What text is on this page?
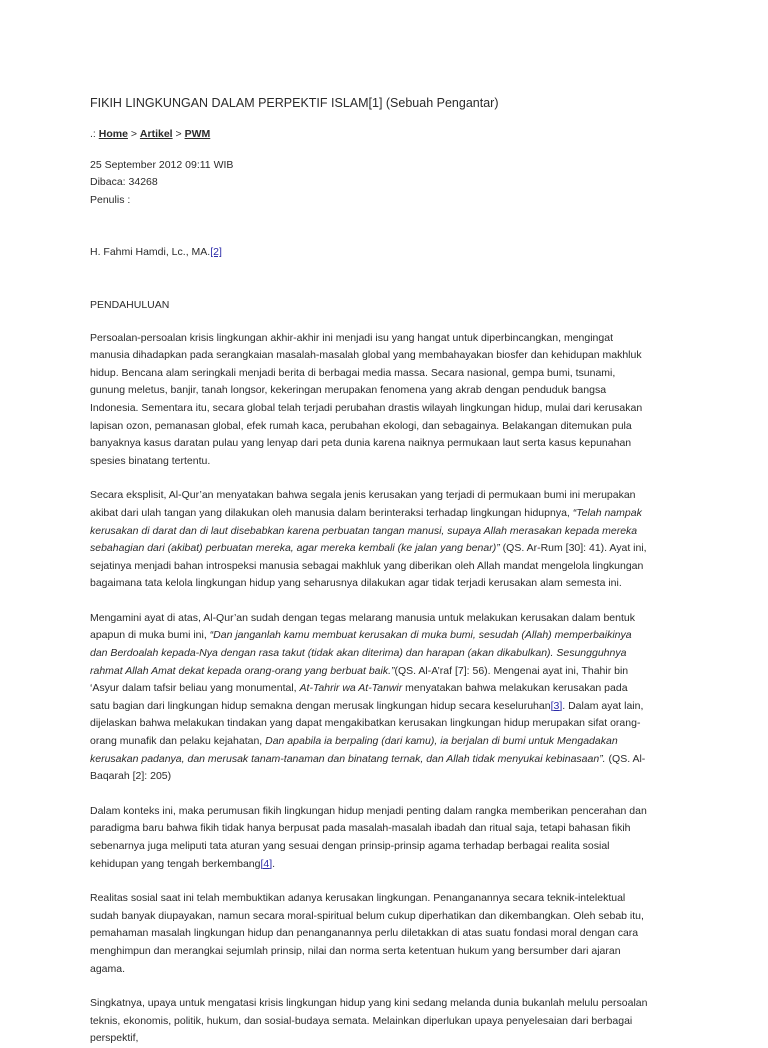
FIKIH LINGKUNGAN DALAM PERPEKTIF ISLAM[1] (Sebuah Pengantar)
.: Home > Artikel > PWM
25 September 2012 09:11 WIB
Dibaca: 34268
Penulis :
H. Fahmi Hamdi, Lc., MA.[2]
PENDAHULUAN

Persoalan-persoalan krisis lingkungan akhir-akhir ini menjadi isu yang hangat untuk diperbincangkan, mengingat manusia dihadapkan pada serangkaian masalah-masalah global yang membahayakan biosfer dan kehidupan makhluk hidup. Bencana alam seringkali menjadi berita di berbagai media massa. Secara nasional, gempa bumi, tsunami, gunung meletus, banjir, tanah longsor, kekeringan merupakan fenomena yang akrab dengan penduduk bangsa Indonesia. Sementara itu, secara global telah terjadi perubahan drastis wilayah lingkungan hidup, mulai dari kerusakan lapisan ozon, pemanasan global, efek rumah kaca, perubahan ekologi, dan sebagainya. Belakangan ditemukan pula banyaknya kasus daratan pulau yang lenyap dari peta dunia karena naiknya permukaan laut serta kasus kepunahan spesies binatang tertentu.

Secara eksplisit, Al-Qur’an menyatakan bahwa segala jenis kerusakan yang terjadi di permukaan bumi ini merupakan akibat dari ulah tangan yang dilakukan oleh manusia dalam berinteraksi terhadap lingkungan hidupnya, “Telah nampak kerusakan di darat dan di laut disebabkan karena perbuatan tangan manusi, supaya Allah merasakan kepada mereka sebahagian dari (akibat) perbuatan mereka, agar mereka kembali (ke jalan yang benar)” (QS. Ar-Rum [30]: 41). Ayat ini, sejatinya menjadi bahan introspeksi manusia sebagai makhluk yang diberikan oleh Allah mandat mengelola lingkungan bagaimana tata kelola lingkungan hidup yang seharusnya dilakukan agar tidak terjadi kerusakan alam semesta ini.

Mengamini ayat di atas, Al-Qur’an sudah dengan tegas melarang manusia untuk melakukan kerusakan dalam bentuk apapun di muka bumi ini, “Dan janganlah kamu membuat kerusakan di muka bumi, sesudah (Allah) memperbaikinya dan Berdoalah kepada-Nya dengan rasa takut (tidak akan diterima) dan harapan (akan dikabulkan). Sesungguhnya rahmat Allah Amat dekat kepada orang-orang yang berbuat baik.”(QS. Al-A’raf [7]: 56). Mengenai ayat ini, Thahir bin ‘Asyur dalam tafsir beliau yang monumental, At-Tahrir wa At-Tanwir menyatakan bahwa melakukan kerusakan pada satu bagian dari lingkungan hidup semakna dengan merusak lingkungan hidup secara keseluruhan[3]. Dalam ayat lain, dijelaskan bahwa melakukan tindakan yang dapat mengakibatkan kerusakan lingkungan hidup merupakan sifat orang-orang munafik dan pelaku kejahatan, Dan apabila ia berpaling (dari kamu), ia berjalan di bumi untuk Mengadakan kerusakan padanya, dan merusak tanam-tanaman dan binatang ternak, dan Allah tidak menyukai kebinasaan”. (QS. Al-Baqarah [2]: 205)

Dalam konteks ini, maka perumusan fikih lingkungan hidup menjadi penting dalam rangka memberikan pencerahan dan paradigma baru bahwa fikih tidak hanya berpusat pada masalah-masalah ibadah dan ritual saja, tetapi bahasan fikih sebenarnya juga meliputi tata aturan yang sesuai dengan prinsip-prinsip agama terhadap berbagai realita sosial kehidupan yang tengah berkembang[4].

Realitas sosial saat ini telah membuktikan adanya kerusakan lingkungan. Penanganannya secara teknik-intelektual sudah banyak diupayakan, namun secara moral-spiritual belum cukup diperhatikan dan dikembangkan. Oleh sebab itu, pemahaman masalah lingkungan hidup dan penanganannya perlu diletakkan di atas suatu fondasi moral dengan cara menghimpun dan merangkai sejumlah prinsip, nilai dan norma serta ketentuan hukum yang bersumber dari ajaran agama.

Singkatnya, upaya untuk mengatasi krisis lingkungan hidup yang kini sedang melanda dunia bukanlah melulu persoalan teknis, ekonomis, politik, hukum, dan sosial-budaya semata. Melainkan diperlukan upaya penyelesaian dari berbagai perspektif,
